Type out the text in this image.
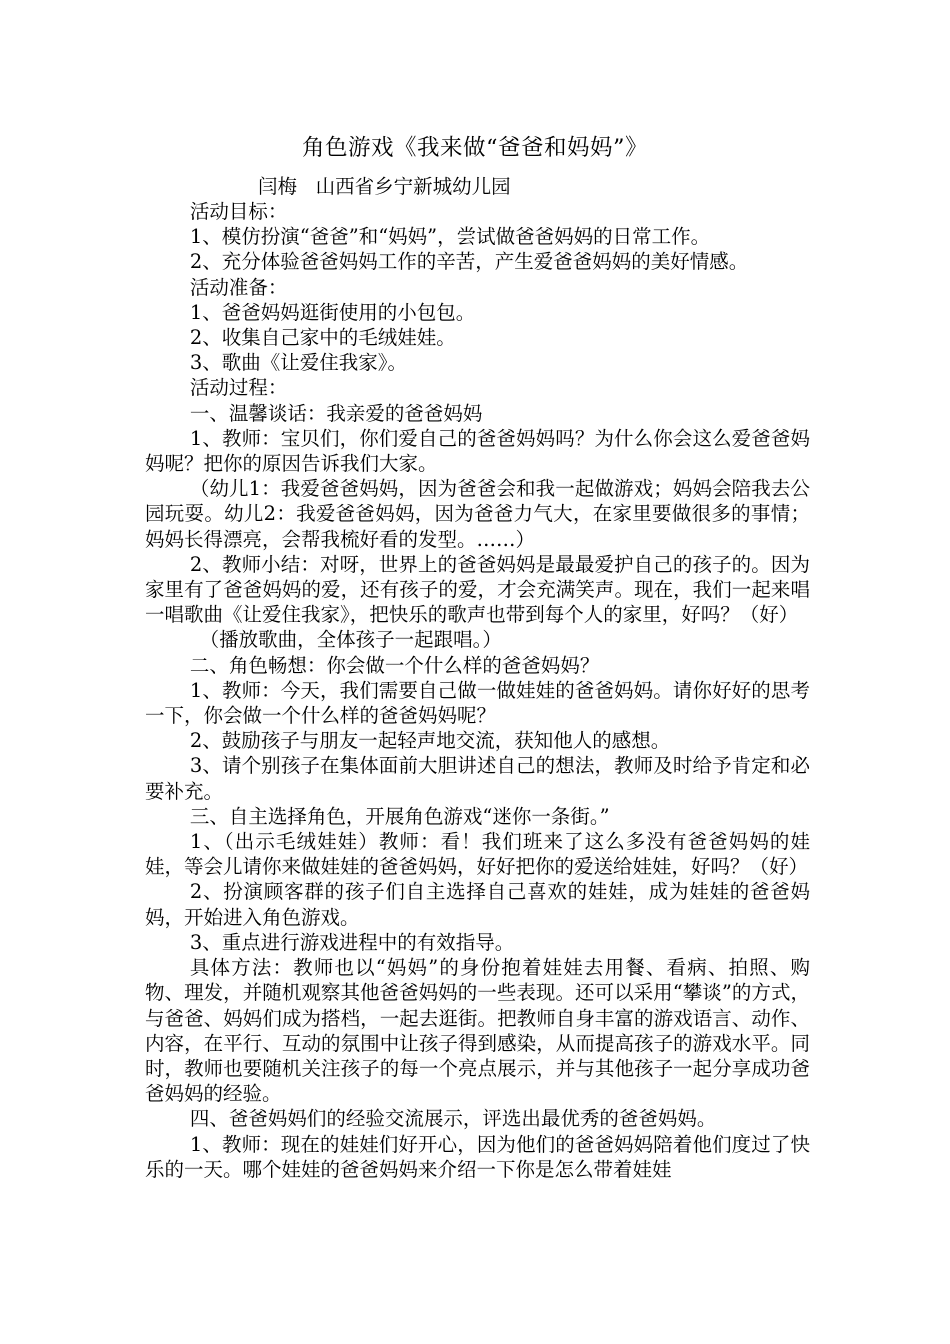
角色游戏《我来做“爸爸和妈妈”》
闫梅   山西省乡宁新城幼儿园

活动目标：

1、模仿扮演“爸爸”和“妈妈”，尝试做爸爸妈妈的日常工作。

2、充分体验爸爸妈妈工作的辛苦，产生爱爸爸妈妈的美好情感。

活动准备：

1、爸爸妈妈逛街使用的小包包。

2、收集自己家中的毛绒娃娃。

3、歌曲《让爱住我家》。

活动过程：

一、温馨谈话：我亲爱的爸爸妈妈

1、教师：宝贝们，你们爱自己的爸爸妈妈吗？为什么你会这么爱爸爸妈妈呢？把你的原因告诉我们大家。

（幼儿1：我爱爸爸妈妈，因为爸爸会和我一起做游戏；妈妈会陪我去公园玩耍。幼儿2：我爱爸爸妈妈，因为爸爸力气大，在家里要做很多的事情；妈妈长得漂亮，会帮我梳好看的发型。……）

2、教师小结：对呀，世界上的爸爸妈妈是最最爱护自己的孩子的。因为家里有了爸爸妈妈的爱，还有孩子的爱，才会充满笑声。现在，我们一起来唱一唱歌曲《让爱住我家》，把快乐的歌声也带到每个人的家里，好吗？（好）

（播放歌曲，全体孩子一起跟唱。）

二、角色畅想：你会做一个什么样的爸爸妈妈？

1、教师：今天，我们需要自己做一做娃娃的爸爸妈妈。请你好好的思考一下，你会做一个什么样的爸爸妈妈呢？

2、鼓励孩子与朋友一起轻声地交流，获知他人的感想。

3、请个别孩子在集体面前大胆讲述自己的想法，教师及时给予肯定和必要补充。

三、自主选择角色，开展角色游戏“迷你一条街。”

1、（出示毛绒娃娃）教师：看！我们班来了这么多没有爸爸妈妈的娃娃，等会儿请你来做娃娃的爸爸妈妈，好好把你的爱送给娃娃，好吗？（好）

2、扮演顾客群的孩子们自主选择自己喜欢的娃娃，成为娃娃的爸爸妈妈，开始进入角色游戏。

3、重点进行游戏进程中的有效指导。

具体方法：教师也以“妈妈”的身份抱着娃娃去用餐、看病、拍照、购物、理发，并随机观察其他爸爸妈妈的一些表现。还可以采用“攀谈”的方式，与爸爸、妈妈们成为搭档，一起去逛街。把教师自身丰富的游戏语言、动作、内容，在平行、互动的氛围中让孩子得到感染，从而提高孩子的游戏水平。同时，教师也要随机关注孩子的每一个亮点展示，并与其他孩子一起分享成功爸爸妈妈的经验。

四、爸爸妈妈们的经验交流展示，评选出最优秀的爸爸妈妈。

1、教师：现在的娃娃们好开心，因为他们的爸爸妈妈陪着他们度过了快乐的一天。哪个娃娃的爸爸妈妈来介绍一下你是怎么带着娃娃
